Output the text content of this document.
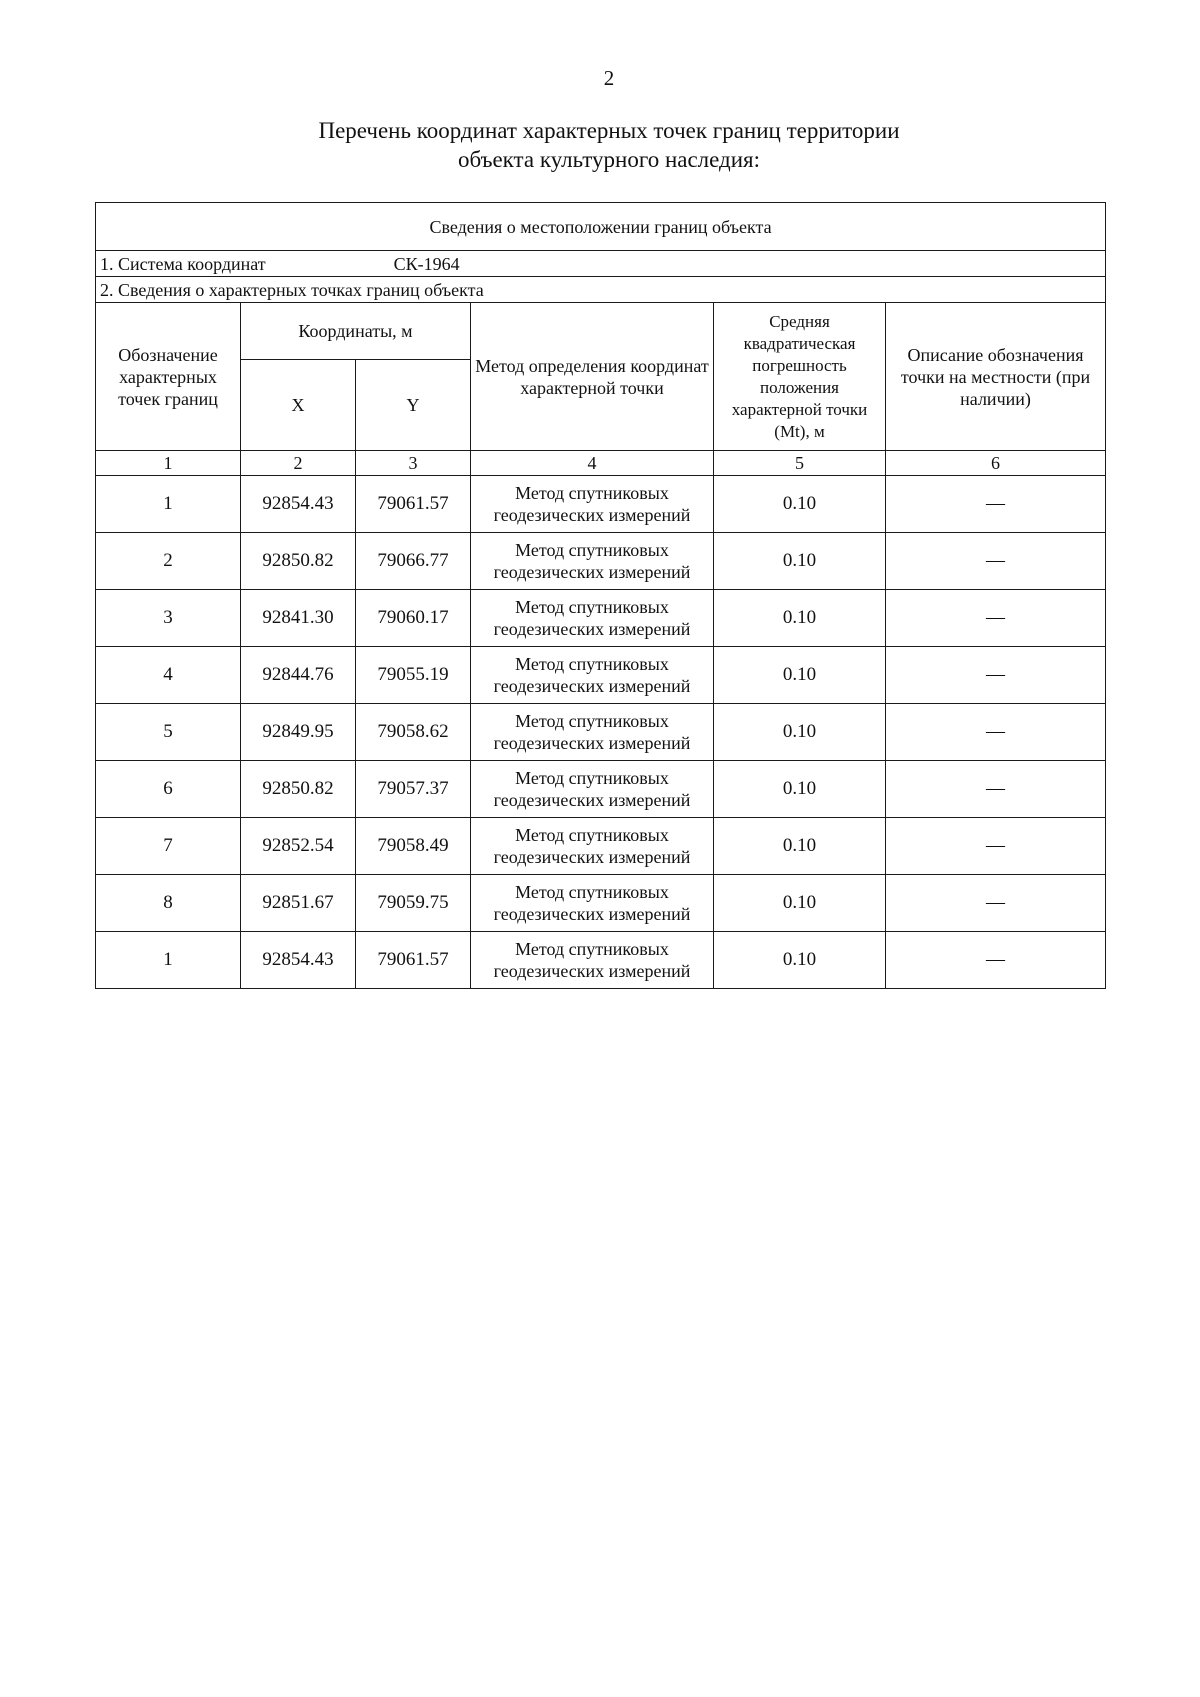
2
Перечень координат характерных точек границ территории
объекта культурного наследия:
Сведения о местоположении границ объекта					
1. Система координат СК-1964					
2. Сведения о характерных точках границ объекта					
Обозначение характерных точек границ	Координаты, м		Метод определения координат характерной точки	Средняя квадратическая погрешность положения характерной точки (Mt), м	Описание обозначения точки на местности (при наличии)
	X	Y			
1	2	3	4	5	6
1	92854.43	79061.57	Метод спутниковых геодезических измерений	0.10	—
2	92850.82	79066.77	Метод спутниковых геодезических измерений	0.10	—
3	92841.30	79060.17	Метод спутниковых геодезических измерений	0.10	—
4	92844.76	79055.19	Метод спутниковых геодезических измерений	0.10	—
5	92849.95	79058.62	Метод спутниковых геодезических измерений	0.10	—
6	92850.82	79057.37	Метод спутниковых геодезических измерений	0.10	—
7	92852.54	79058.49	Метод спутниковых геодезических измерений	0.10	—
8	92851.67	79059.75	Метод спутниковых геодезических измерений	0.10	—
1	92854.43	79061.57	Метод спутниковых геодезических измерений	0.10	—
